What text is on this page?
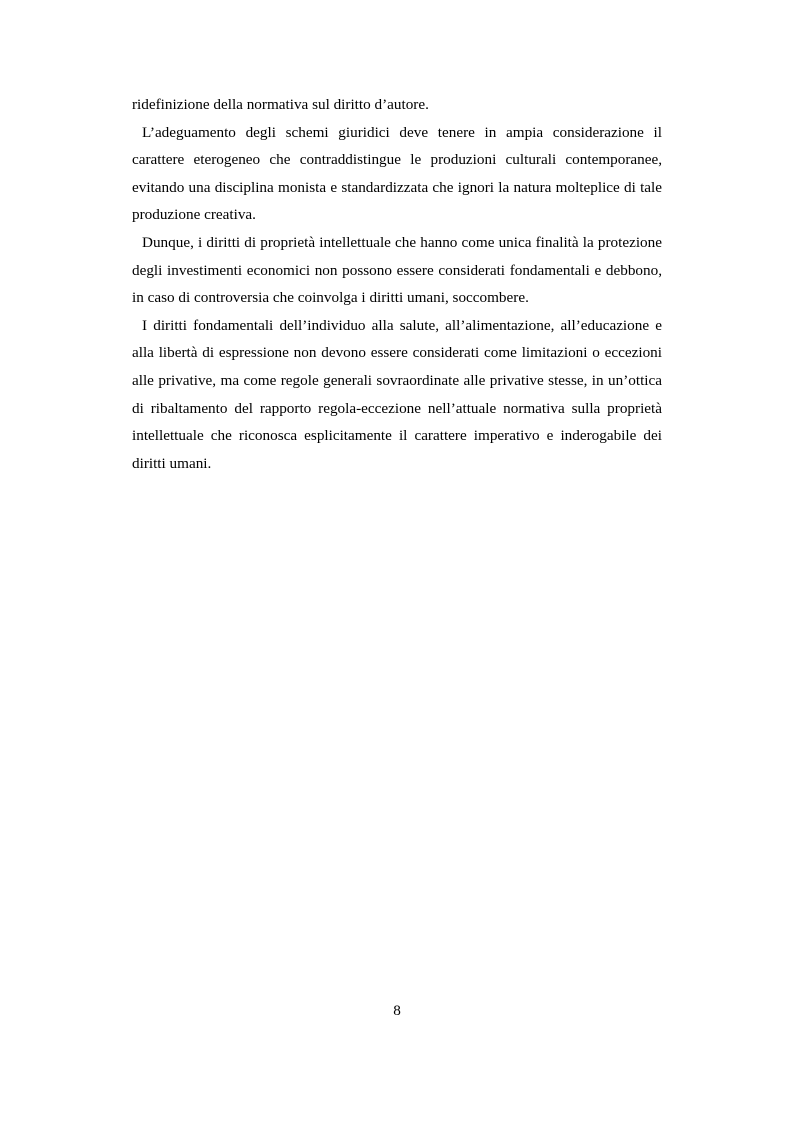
ridefinizione della normativa sul diritto d’autore.

L’adeguamento degli schemi giuridici deve tenere in ampia considerazione il carattere eterogeneo che contraddistingue le produzioni culturali contemporanee, evitando una disciplina monista e standardizzata che ignori la natura molteplice di tale produzione creativa.

Dunque, i diritti di proprietà intellettuale che hanno come unica finalità la protezione degli investimenti economici non possono essere considerati fondamentali e debbono, in caso di controversia che coinvolga i diritti umani, soccombere.

I diritti fondamentali dell’individuo alla salute, all’alimentazione, all’educazione e alla libertà di espressione non devono essere considerati come limitazioni o eccezioni alle privative, ma come regole generali sovraordinate alle privative stesse, in un’ottica di ribaltamento del rapporto regola-eccezione nell’attuale normativa sulla proprietà intellettuale che riconosca esplicitamente il carattere imperativo e inderogabile dei diritti umani.

8
